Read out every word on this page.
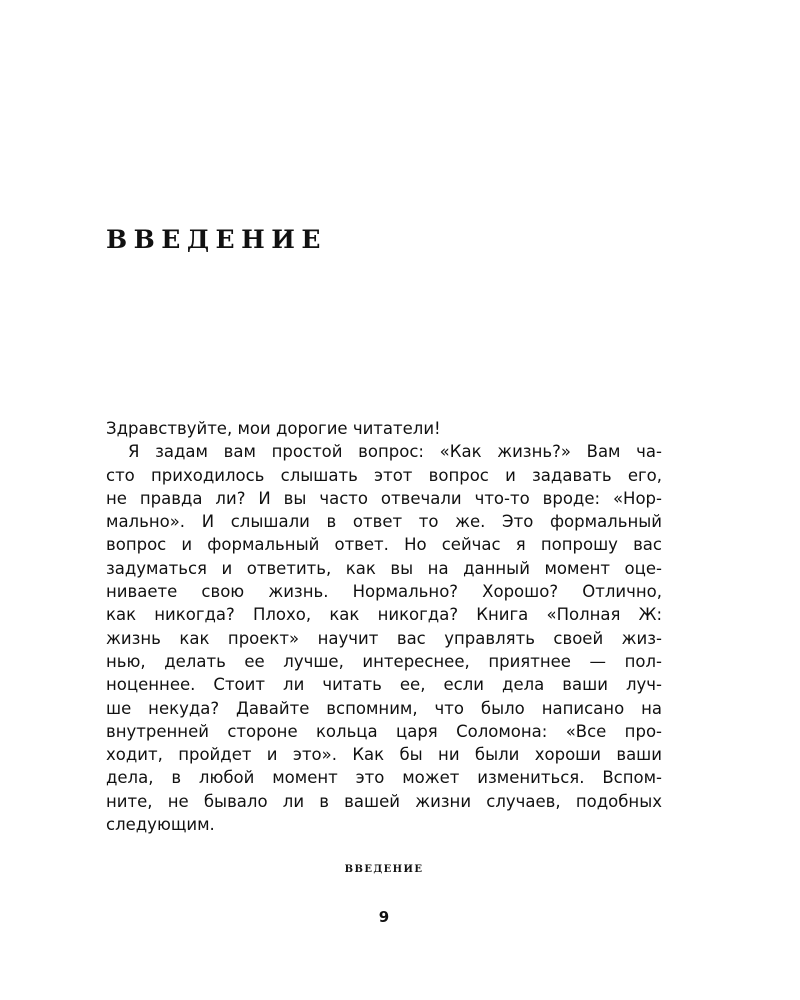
ВВЕДЕНИЕ

Здравствуйте, мои дорогие читатели!

Я задам вам простой вопрос: «Как жизнь?» Вам ча-
сто приходилось слышать этот вопрос и задавать его,
не правда ли? И вы часто отвечали что-то вроде: «Нор-
мально». И слышали в ответ то же. Это формальный
вопрос и формальный ответ. Но сейчас я попрошу вас
задуматься и ответить, как вы на данный момент оце-
ниваете свою жизнь. Нормально? Хорошо? Отлично,
как никогда? Плохо, как никогда? Книга «Полная Ж:
жизнь как проект» научит вас управлять своей жиз-
нью, делать ее лучше, интереснее, приятнее — пол-
ноценнее. Стоит ли читать ее, если дела ваши луч-
ше некуда? Давайте вспомним, что было написано на
внутренней стороне кольца царя Соломона: «Все про-
ходит, пройдет и это». Как бы ни были хороши ваши
дела, в любой момент это может измениться. Вспом-
ните, не бывало ли в вашей жизни случаев, подобных
следующим.

ВВЕДЕНИЕ
9
